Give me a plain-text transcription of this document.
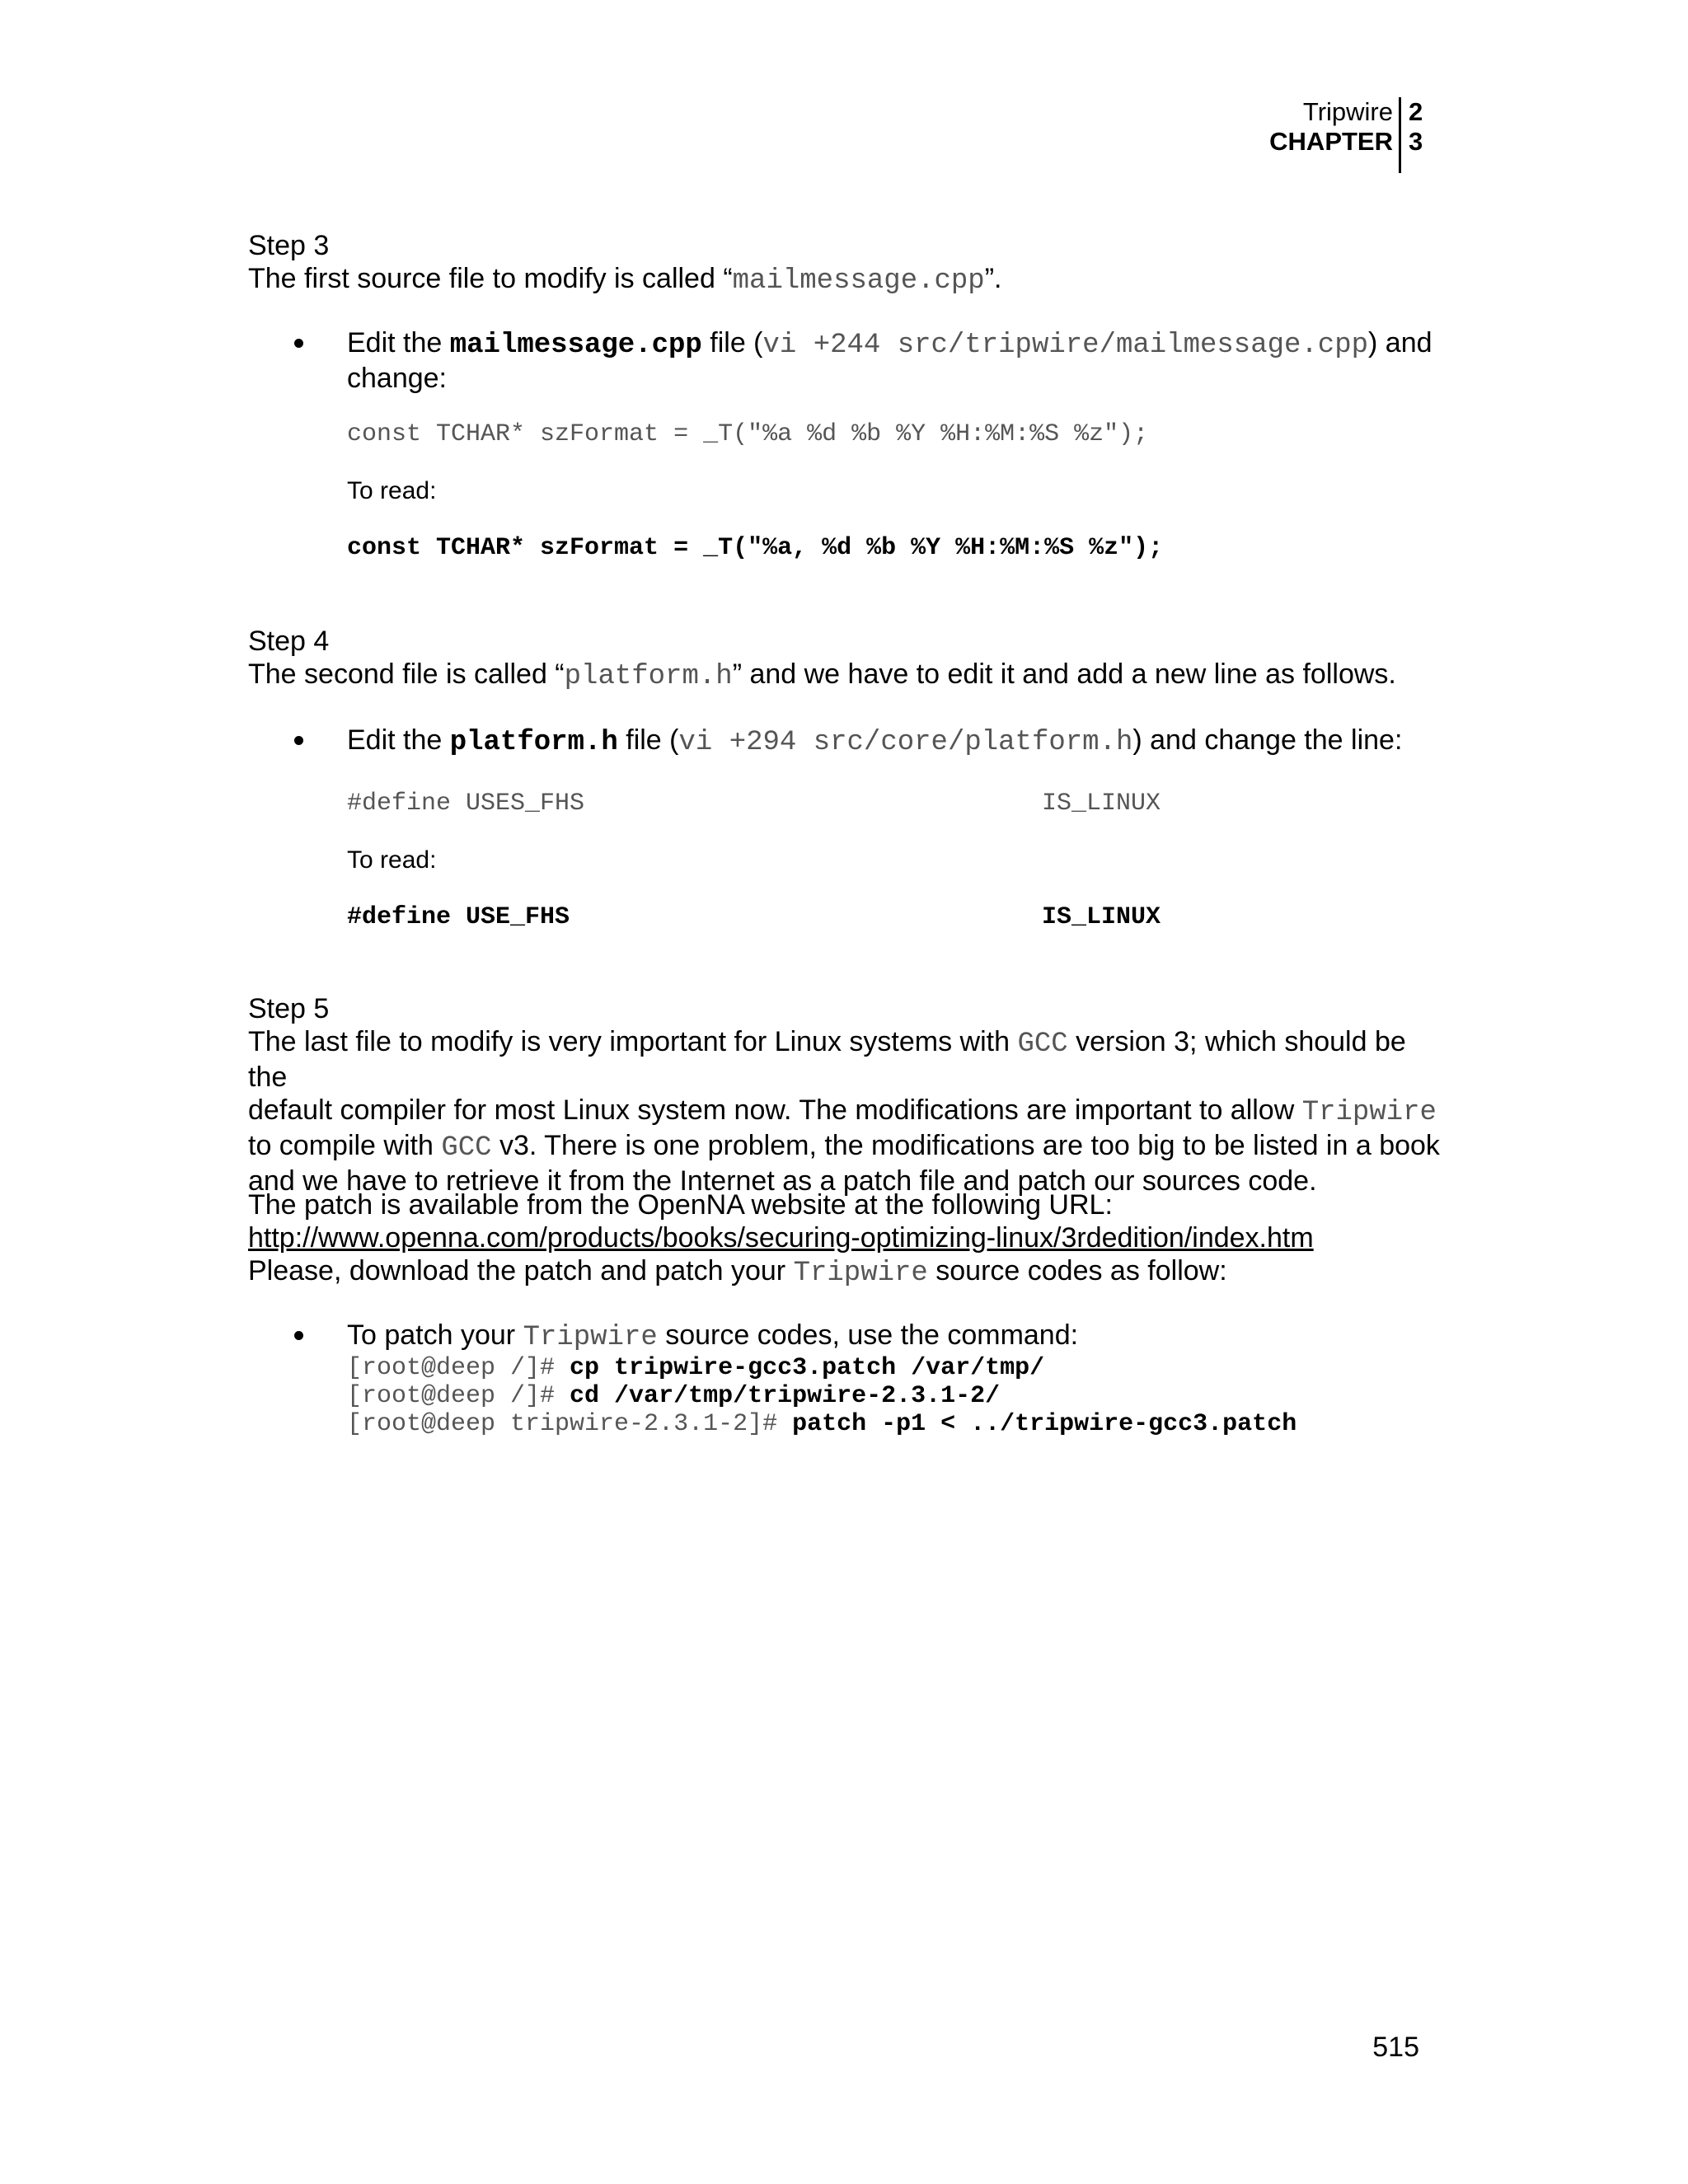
Tripwire
CHAPTER
2
3
Step 3
The first source file to modify is called “mailmessage.cpp”.
Edit the mailmessage.cpp file (vi +244 src/tripwire/mailmessage.cpp) and
change:
const TCHAR* szFormat = _T("%a %d %b %Y %H:%M:%S %z");
To read:
const TCHAR* szFormat = _T("%a, %d %b %Y %H:%M:%S %z");
Step 4
The second file is called “platform.h” and we have to edit it and add a new line as follows.
Edit the platform.h file (vi +294 src/core/platform.h) and change the line:
#define USES_FHS	IS_LINUX
To read:
#define USE_FHS	IS_LINUX
Step 5
The last file to modify is very important for Linux systems with GCC version 3; which should be the
default compiler for most Linux system now. The modifications are important to allow Tripwire
to compile with GCC v3. There is one problem, the modifications are too big to be listed in a book
and we have to retrieve it from the Internet as a patch file and patch our sources code.
The patch is available from the OpenNA website at the following URL:
http://www.openna.com/products/books/securing-optimizing-linux/3rdedition/index.htm
Please, download the patch and patch your Tripwire source codes as follow:
To patch your Tripwire source codes, use the command:
[root@deep /]# cp tripwire-gcc3.patch /var/tmp/
[root@deep /]# cd /var/tmp/tripwire-2.3.1-2/
[root@deep tripwire-2.3.1-2]# patch -p1 < ../tripwire-gcc3.patch
515
